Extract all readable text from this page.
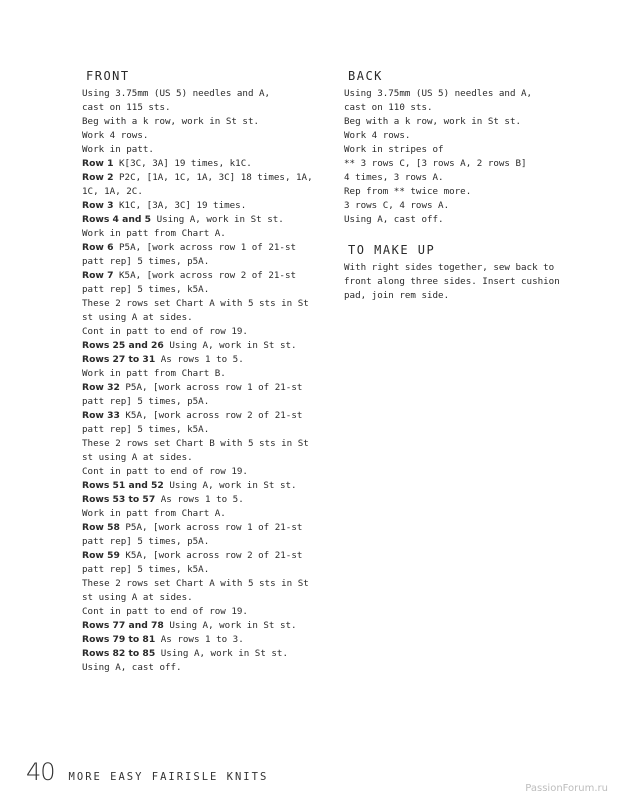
FRONT
Using 3.75mm (US 5) needles and A,
cast on 115 sts.
Beg with a k row, work in St st.
Work 4 rows.
Work in patt.
Row 1 K[3C, 3A] 19 times, k1C.
Row 2 P2C, [1A, 1C, 1A, 3C] 18 times, 1A,
1C, 1A, 2C.
Row 3 K1C, [3A, 3C] 19 times.
Rows 4 and 5 Using A, work in St st.
Work in patt from Chart A.
Row 6 P5A, [work across row 1 of 21-st
patt rep] 5 times, p5A.
Row 7 K5A, [work across row 2 of 21-st
patt rep] 5 times, k5A.
These 2 rows set Chart A with 5 sts in St
st using A at sides.
Cont in patt to end of row 19.
Rows 25 and 26 Using A, work in St st.
Rows 27 to 31 As rows 1 to 5.
Work in patt from Chart B.
Row 32 P5A, [work across row 1 of 21-st
patt rep] 5 times, p5A.
Row 33 K5A, [work across row 2 of 21-st
patt rep] 5 times, k5A.
These 2 rows set Chart B with 5 sts in St
st using A at sides.
Cont in patt to end of row 19.
Rows 51 and 52 Using A, work in St st.
Rows 53 to 57 As rows 1 to 5.
Work in patt from Chart A.
Row 58 P5A, [work across row 1 of 21-st
patt rep] 5 times, p5A.
Row 59 K5A, [work across row 2 of 21-st
patt rep] 5 times, k5A.
These 2 rows set Chart A with 5 sts in St
st using A at sides.
Cont in patt to end of row 19.
Rows 77 and 78 Using A, work in St st.
Rows 79 to 81 As rows 1 to 3.
Rows 82 to 85 Using A, work in St st.
Using A, cast off.
BACK
Using 3.75mm (US 5) needles and A,
cast on 110 sts.
Beg with a k row, work in St st.
Work 4 rows.
Work in stripes of
** 3 rows C, [3 rows A, 2 rows B]
4 times, 3 rows A.
Rep from ** twice more.
3 rows C, 4 rows A.
Using A, cast off.
TO MAKE UP
With right sides together, sew back to
front along three sides. Insert cushion
pad, join rem side.
40 MORE EASY FAIRISLE KNITS
PassionForum.ru
